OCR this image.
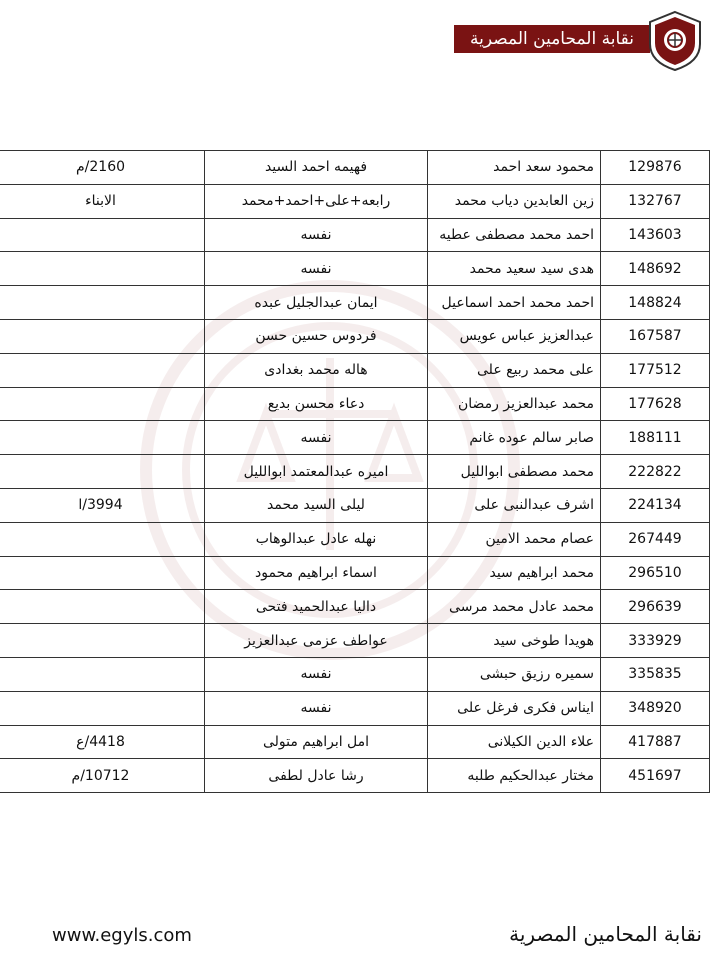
نقابة المحامين المصرية
129876	محمود سعد احمد	فهيمه احمد السيد	2160/م
132767	زين العابدين دياب محمد	رابعه+على+احمد+محمد	الابناء
143603	احمد محمد مصطفى عطيه	نفسه	
148692	هدى سيد سعيد محمد	نفسه	
148824	احمد محمد احمد اسماعيل	ايمان عبدالجليل عبده	
167587	عبدالعزيز عباس عويس	فردوس حسين حسن	
177512	على محمد ربيع على	هاله محمد بغدادى	
177628	محمد عبدالعزيز رمضان	دعاء محسن بديع	
188111	صابر سالم عوده غانم	نفسه	
222822	محمد مصطفى ابوالليل	اميره عبدالمعتمد ابوالليل	
224134	اشرف عبدالنبى على	ليلى السيد محمد	3994/ا
267449	عصام محمد الامين	نهله عادل عبدالوهاب	
296510	محمد ابراهيم سيد	اسماء ابراهيم محمود	
296639	محمد عادل محمد مرسى	داليا عبدالحميد فتحى	
333929	هويدا طوخى سيد	عواطف عزمى عبدالعزيز	
335835	سميره رزيق حبشى	نفسه	
348920	ايناس فكرى فرغل على	نفسه	
417887	علاء الدين الكيلانى	امل ابراهيم متولى	4418/ع
451697	مختار عبدالحكيم طلبه	رشا عادل لطفى	10712/م
www.egyls.com	نقابة المحامين المصرية
